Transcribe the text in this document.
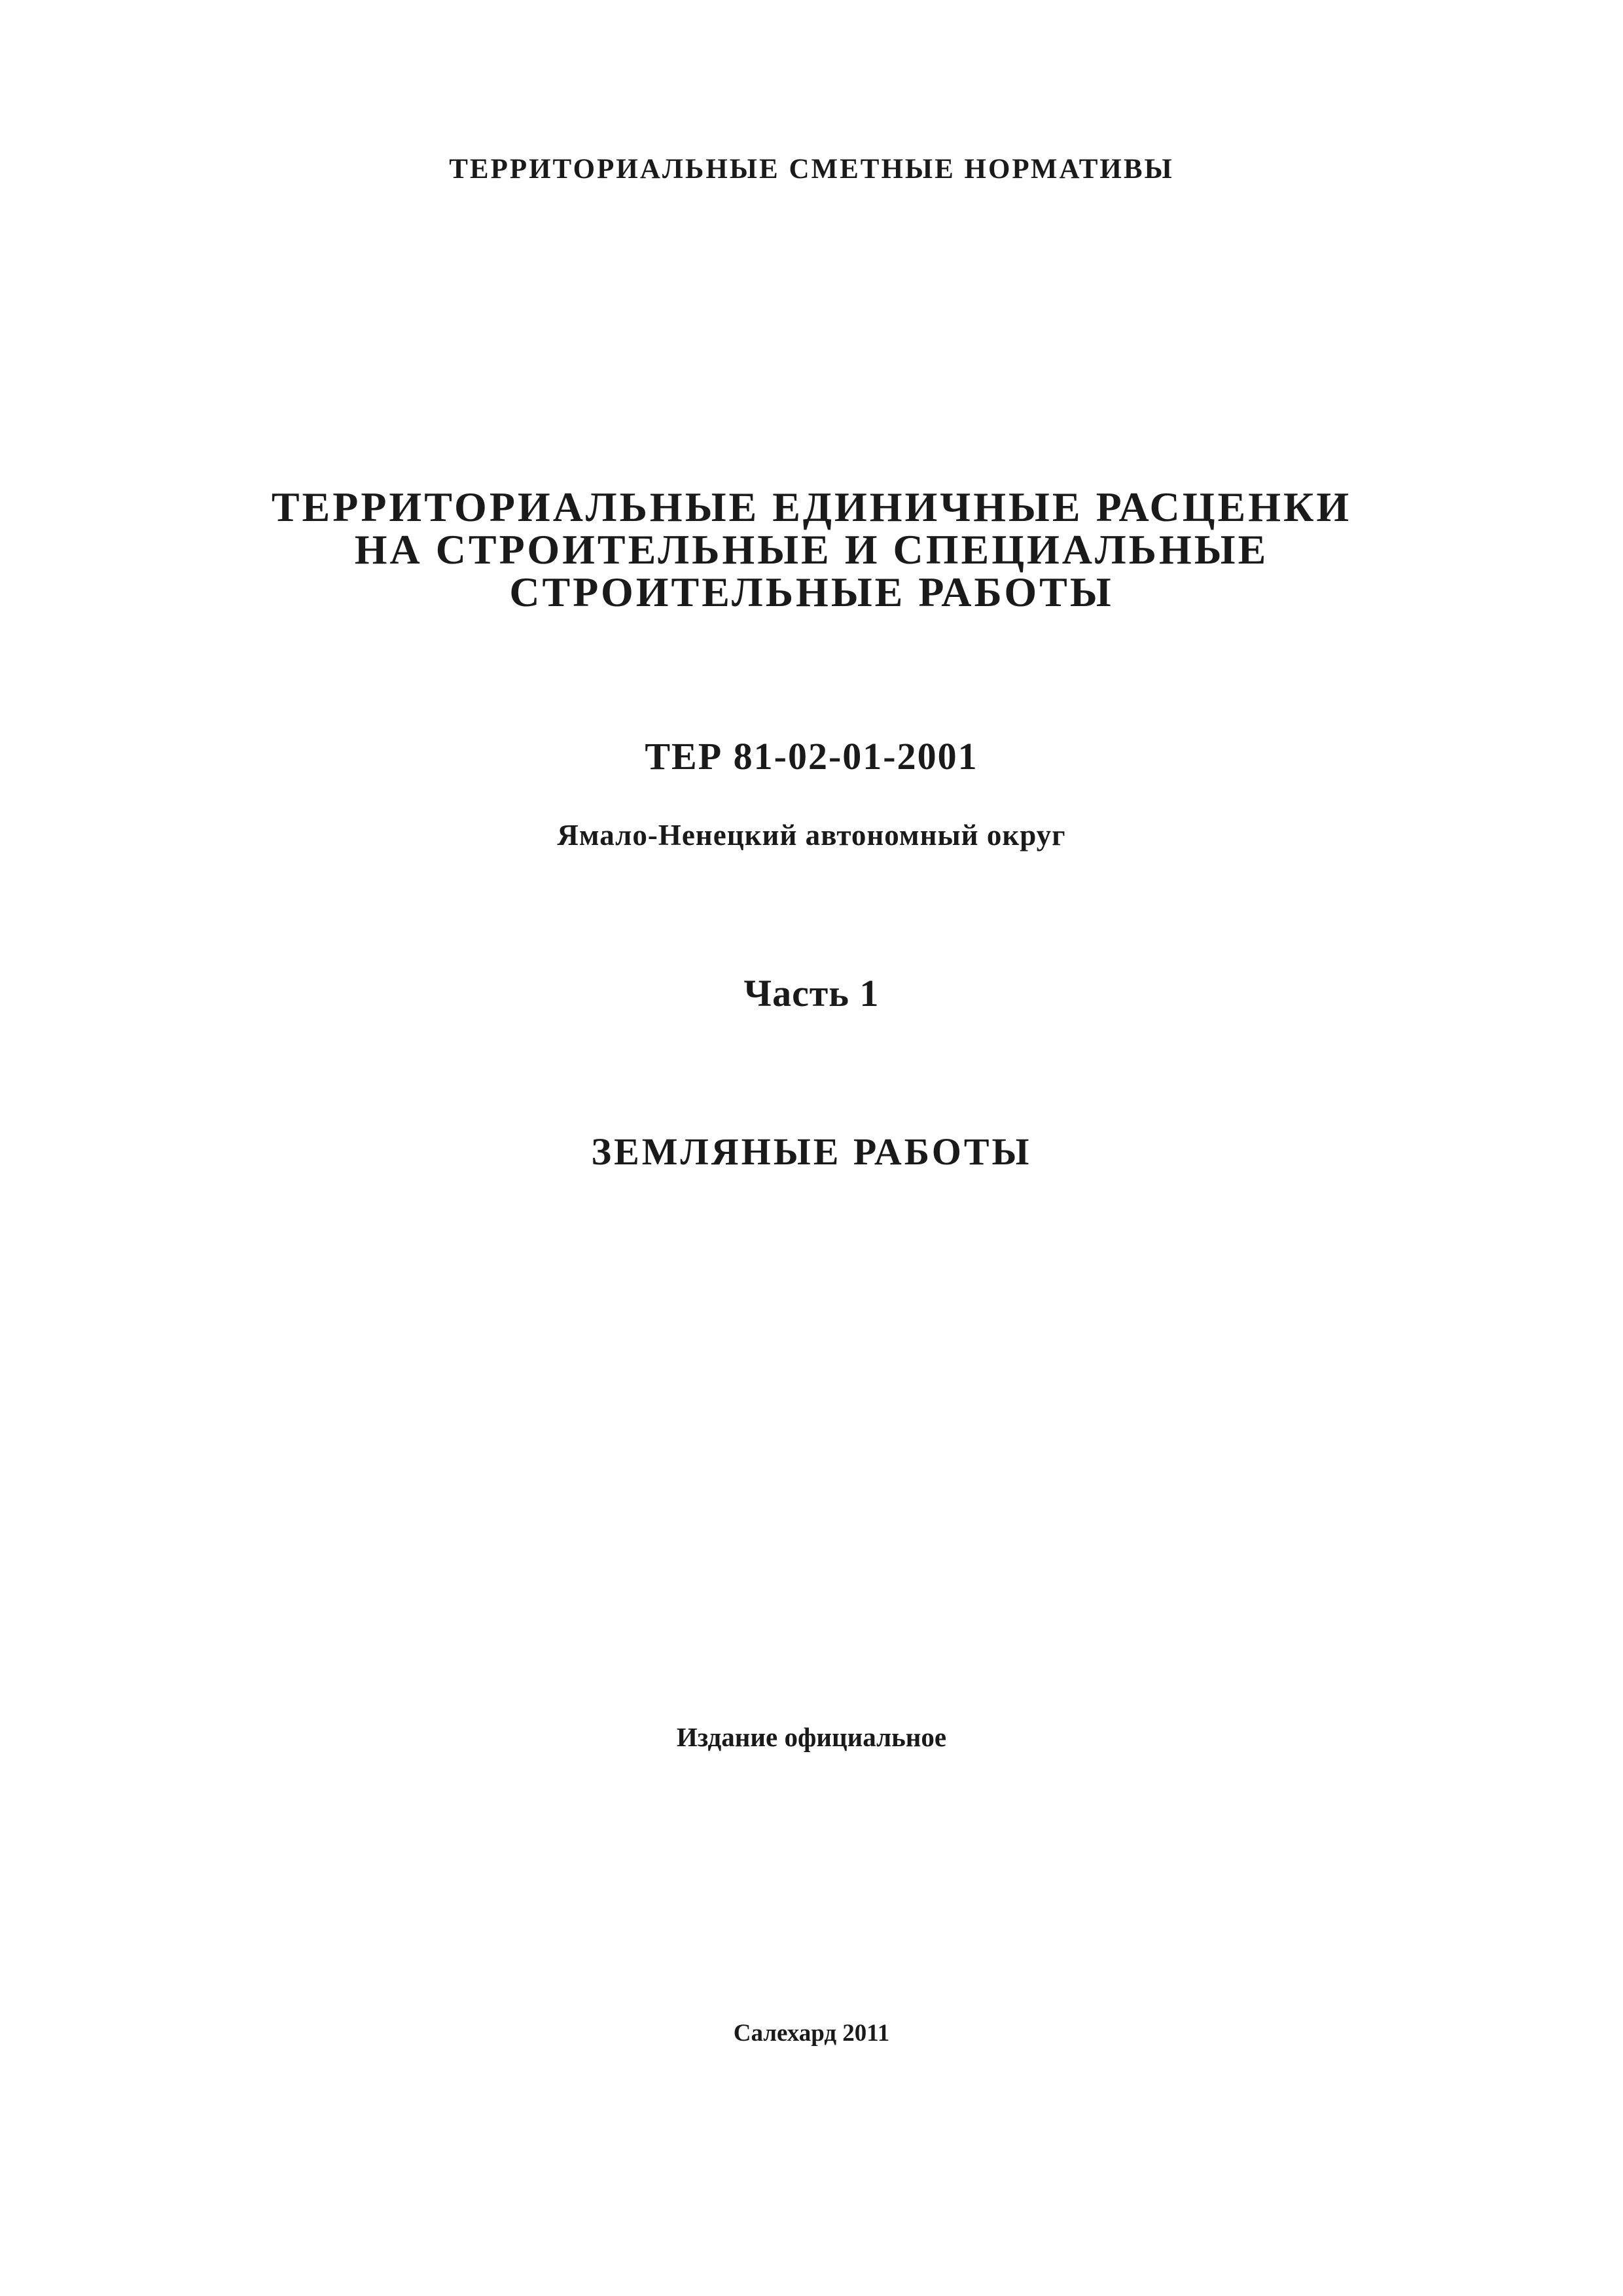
ТЕРРИТОРИАЛЬНЫЕ СМЕТНЫЕ НОРМАТИВЫ
ТЕРРИТОРИАЛЬНЫЕ ЕДИНИЧНЫЕ РАСЦЕНКИ
НА СТРОИТЕЛЬНЫЕ И СПЕЦИАЛЬНЫЕ
СТРОИТЕЛЬНЫЕ РАБОТЫ
ТЕР 81-02-01-2001
Ямало-Ненецкий автономный округ
Часть 1
ЗЕМЛЯНЫЕ РАБОТЫ
Издание официальное
Салехард 2011
